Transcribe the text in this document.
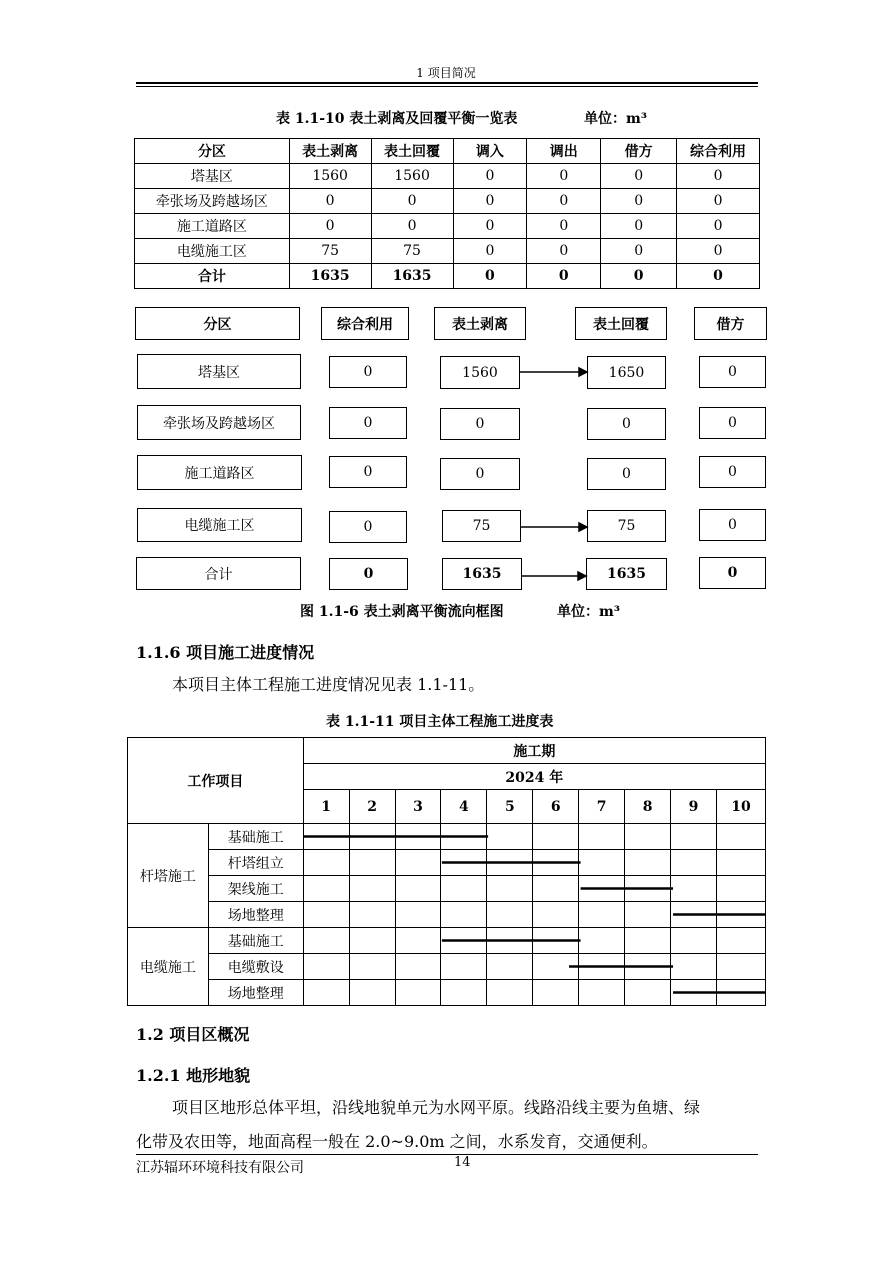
1 项目简况
表 1.1-10 表土剥离及回覆平衡一览表	单位：m³
分区	表土剥离	表土回覆	调入	调出	借方	综合利用
塔基区	1560	1560	0	0	0	0
牵张场及跨越场区	0	0	0	0	0	0
施工道路区	0	0	0	0	0	0
电缆施工区	75	75	0	0	0	0
合计	1635	1635	0	0	0	0
分区	综合利用	表土剥离	表土回覆	借方
塔基区	0	1560	1650	0
牵张场及跨越场区	0	0	0	0
施工道路区	0	0	0	0
电缆施工区	0	75	75	0
合计	0	1635	1635	0
图 1.1-6 表土剥离平衡流向框图	单位：m³
1.1.6 项目施工进度情况
本项目主体工程施工进度情况见表 1.1-11。
表 1.1-11 项目主体工程施工进度表
工作项目		施工期									
		2024 年									
		1	2	3	4	5	6	7	8	9	10
杆塔施工	基础施工										
	杆塔组立										
	架线施工										
	场地整理										
电缆施工	基础施工										
	电缆敷设										
	场地整理										
1.2 项目区概况
1.2.1 地形地貌
项目区地形总体平坦，沿线地貌单元为水网平原。线路沿线主要为鱼塘、绿
化带及农田等，地面高程一般在 2.0~9.0m 之间，水系发育，交通便利。
江苏辐环环境科技有限公司	14
